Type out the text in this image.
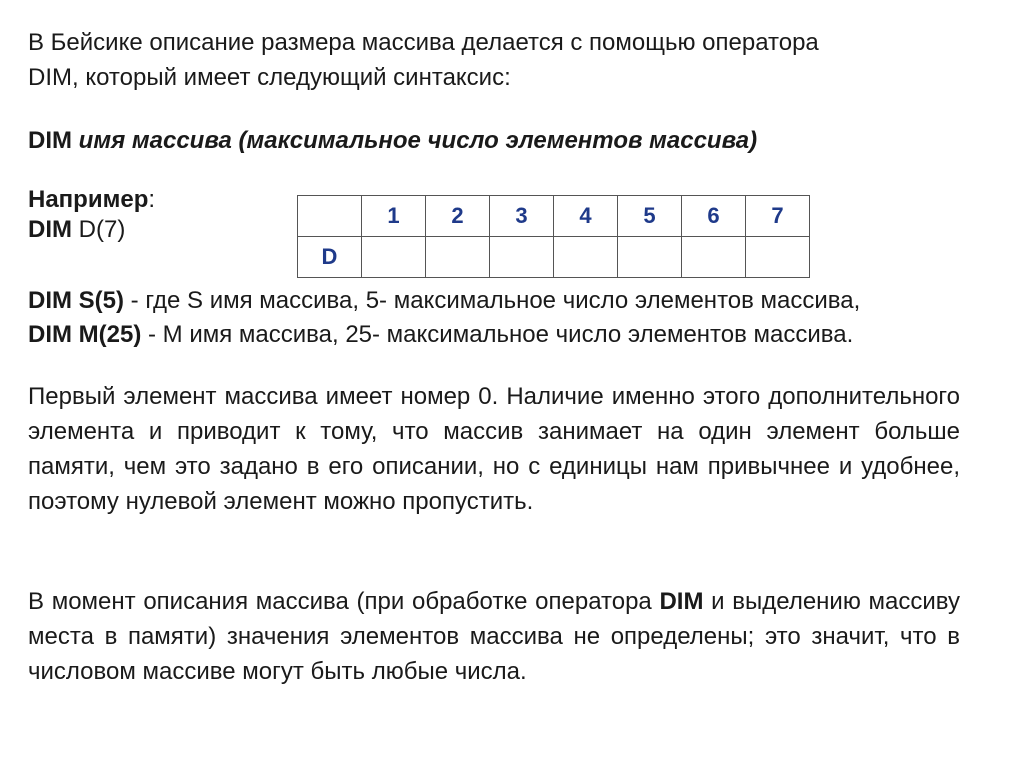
В Бейсике описание размера массива делается с помощью оператора
DIM, который имеет следующий синтаксис:
DIM имя массива (максимальное число элементов массива)
Например:
DIM D(7)
	1	2	3	4	5	6	7
D							
DIM S(5) - где S имя массива, 5- максимальное число элементов массива,
DIM M(25) - М имя массива, 25- максимальное число элементов массива.
Первый элемент массива имеет номер 0. Наличие именно этого дополнительного элемента и приводит к тому, что массив занимает на один элемент больше памяти, чем это задано в его описании, но с единицы нам привычнее и удобнее, поэтому нулевой элемент можно пропустить.
В момент описания массива (при обработке оператора DIM и выделению массиву места в памяти) значения элементов массива не определены; это значит, что в числовом массиве могут быть любые числа.
